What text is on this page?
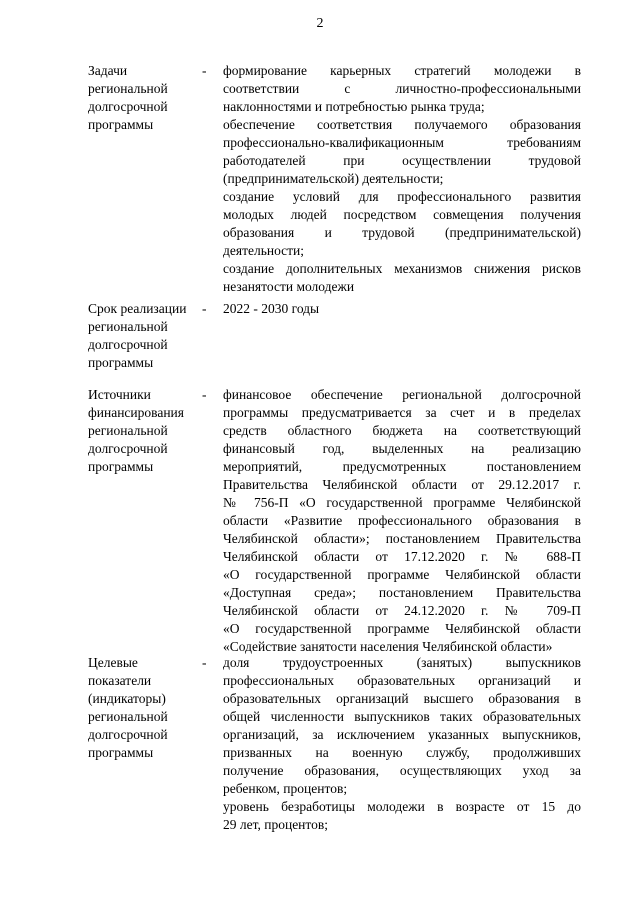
2
Задачи
региональной
долгосрочной
программы
- формирование карьерных стратегий молодежи в
соответствии с личностно-профессиональными
наклонностями и потребностью рынка труда;
обеспечение соответствия получаемого образования
профессионально-квалификационным требованиям
работодателей при осуществлении трудовой
(предпринимательской) деятельности;
создание условий для профессионального развития
молодых людей посредством совмещения получения
образования и трудовой (предпринимательской)
деятельности;
создание дополнительных механизмов снижения рисков
незанятости молодежи
Срок реализации
региональной
долгосрочной
программы
- 2022 - 2030 годы
Источники
финансирования
региональной
долгосрочной
программы
- финансовое обеспечение региональной долгосрочной
программы предусматривается за счет и в пределах
средств областного бюджета на соответствующий
финансовый год, выделенных на реализацию
мероприятий, предусмотренных постановлением
Правительства Челябинской области от 29.12.2017 г.
№ 756-П «О государственной программе Челябинской
области «Развитие профессионального образования в
Челябинской области»; постановлением Правительства
Челябинской области от 17.12.2020 г. № 688-П
«О государственной программе Челябинской области
«Доступная среда»; постановлением Правительства
Челябинской области от 24.12.2020 г. № 709-П
«О государственной программе Челябинской области
«Содействие занятости населения Челябинской области»
Целевые
показатели
(индикаторы)
региональной
долгосрочной
программы
- доля трудоустроенных (занятых) выпускников
профессиональных образовательных организаций и
образовательных организаций высшего образования в
общей численности выпускников таких образовательных
организаций, за исключением указанных выпускников,
призванных на военную службу, продолживших
получение образования, осуществляющих уход за
ребенком, процентов;
уровень безработицы молодежи в возрасте от 15 до
29 лет, процентов;
